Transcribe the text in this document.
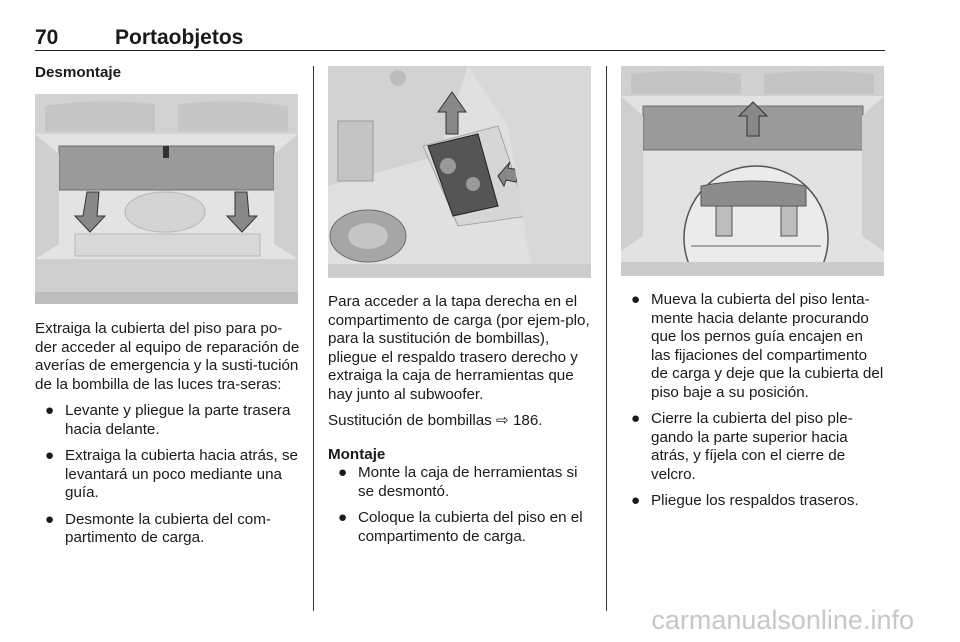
70	Portaobjetos
Desmontaje

Extraiga la cubierta del piso para po-der acceder al equipo de reparación de averías de emergencia y la susti-tución de la bombilla de las luces tra-seras:

● Levante y pliegue la parte trasera hacia delante.
● Extraiga la cubierta hacia atrás, se levantará un poco mediante una guía.
● Desmonte la cubierta del com-partimento de carga.

Para acceder a la tapa derecha en el compartimento de carga (por ejem-plo, para la sustitución de bombillas), pliegue el respaldo trasero derecho y extraiga la caja de herramientas que hay junto al subwoofer.

Sustitución de bombillas ⇨ 186.

Montaje
● Monte la caja de herramientas si se desmontó.
● Coloque la cubierta del piso en el compartimento de carga.
● Mueva la cubierta del piso lenta-mente hacia delante procurando que los pernos guía encajen en las fijaciones del compartimento de carga y deje que la cubierta del piso baje a su posición.
● Cierre la cubierta del piso ple-gando la parte superior hacia atrás, y fíjela con el cierre de velcro.
● Pliegue los respaldos traseros.
carmanualsonline.info
